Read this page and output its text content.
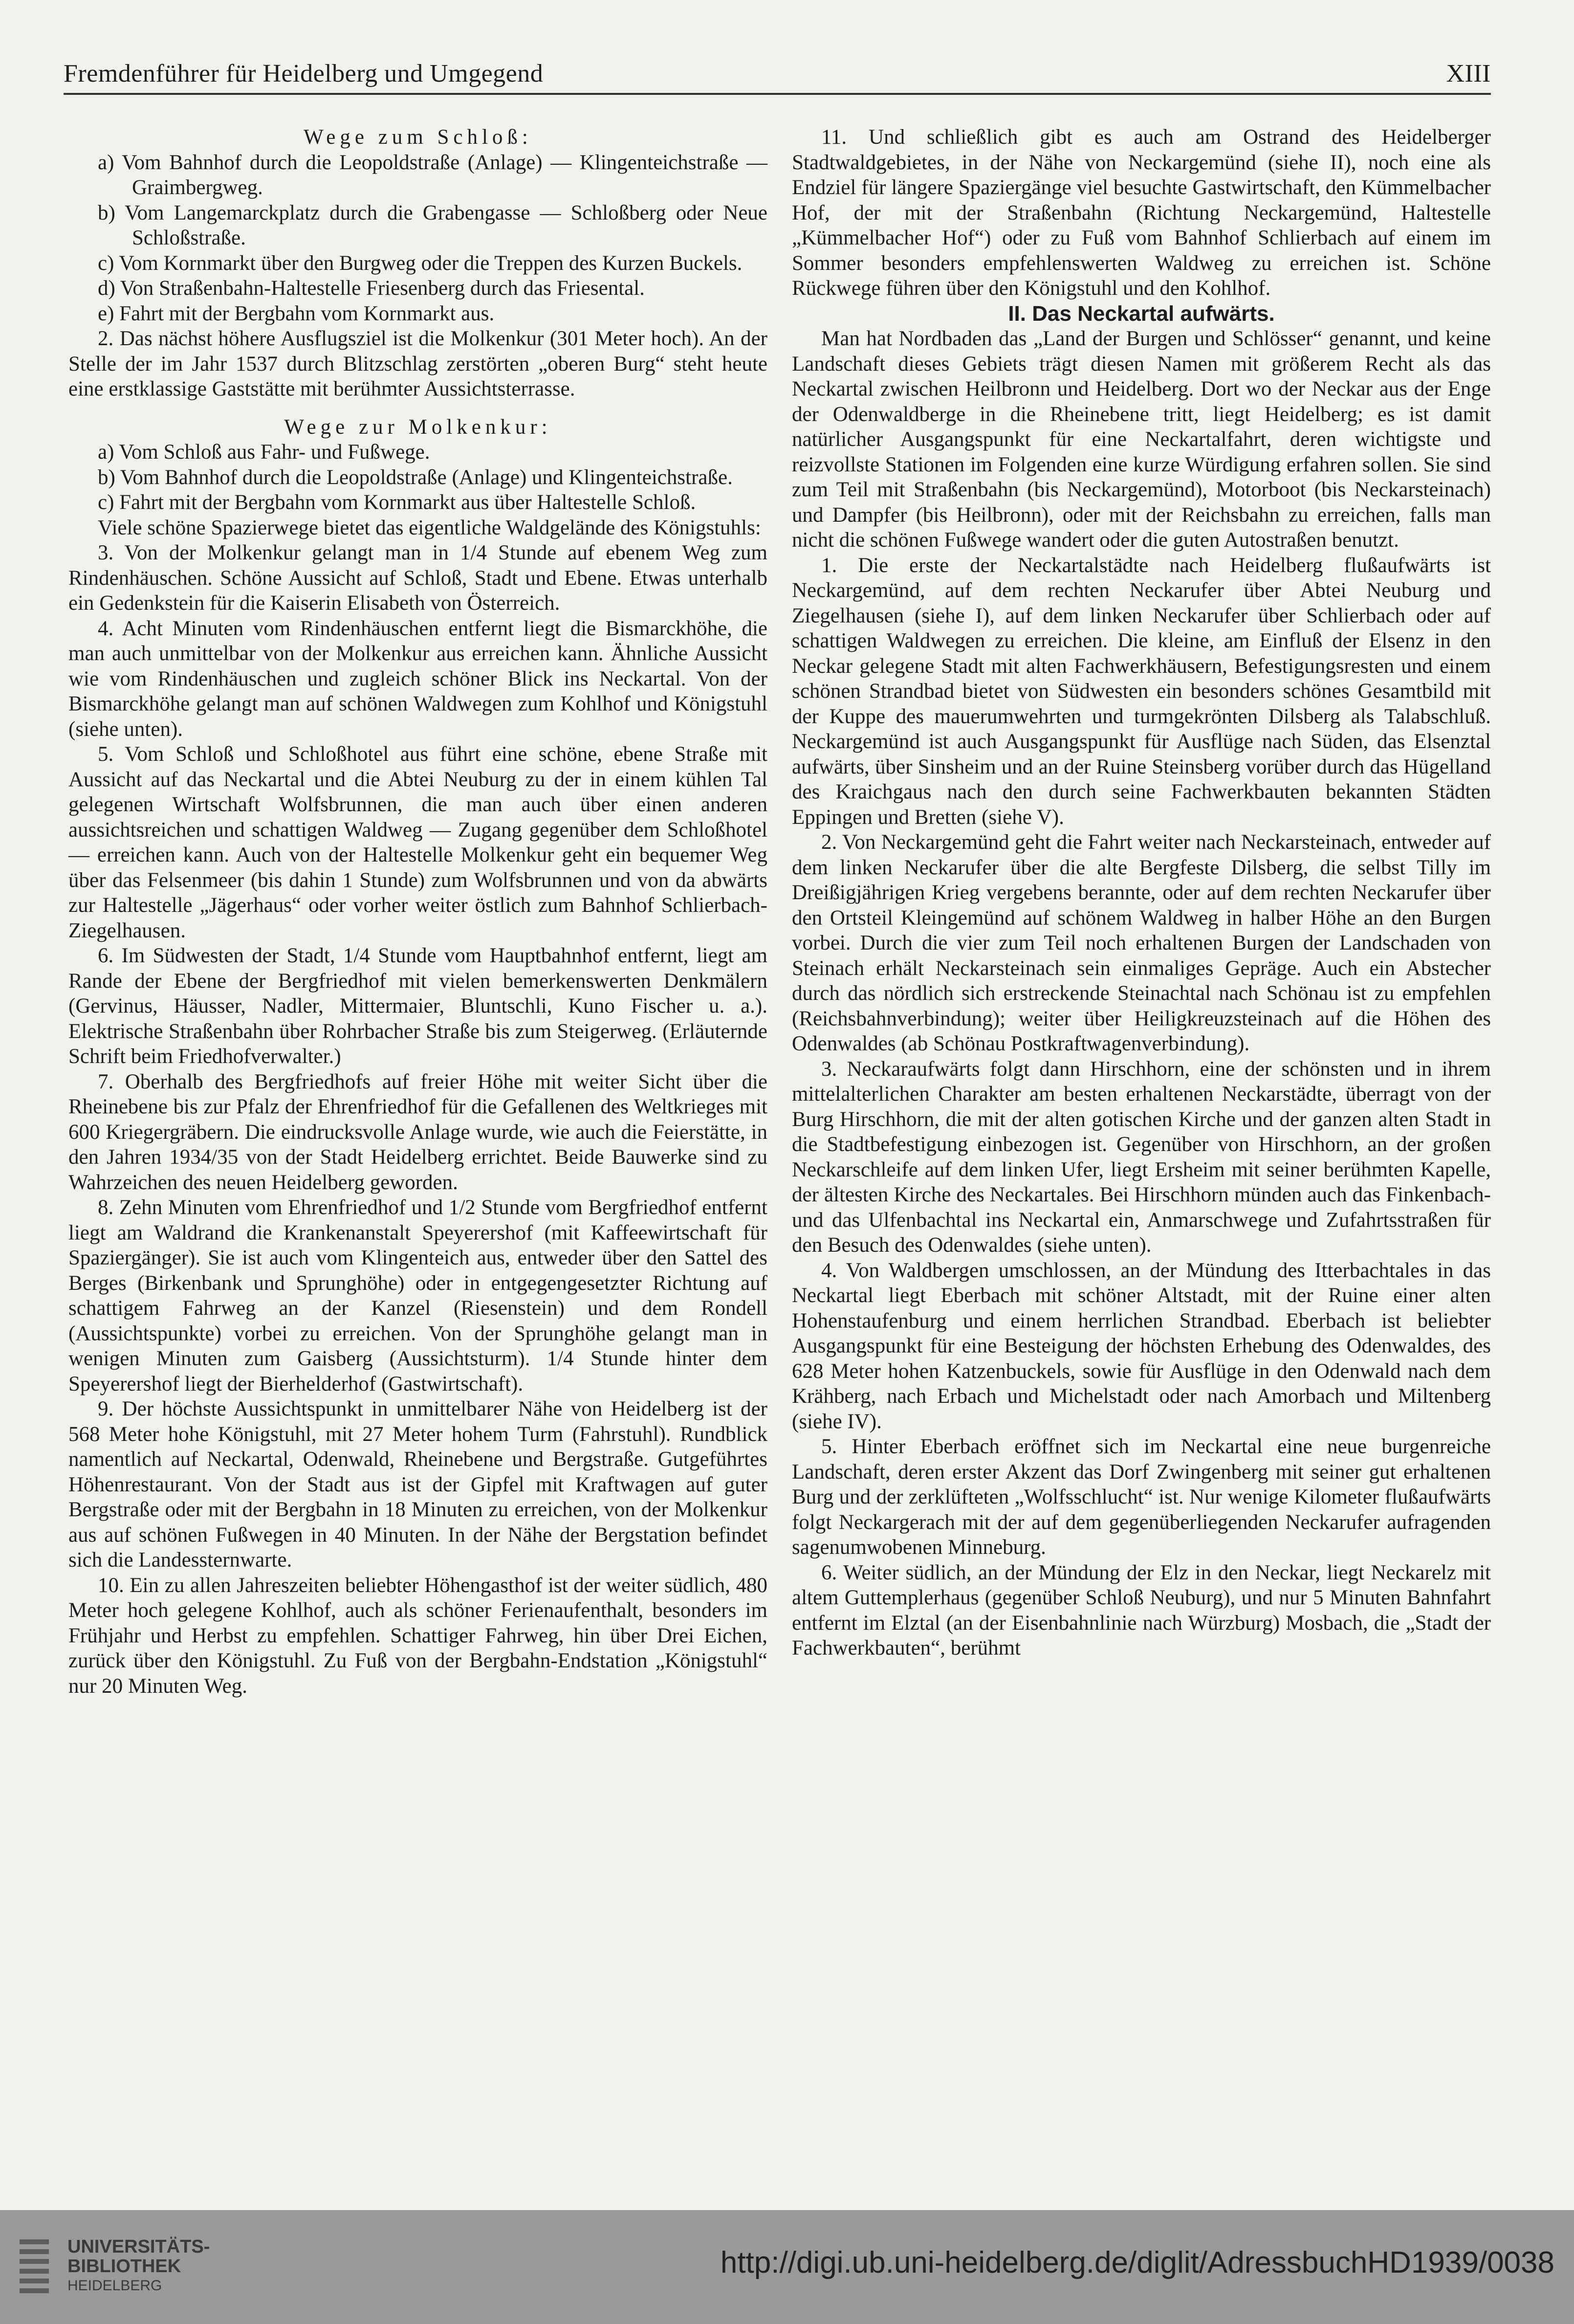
Fremdenführer für Heidelberg und Umgegend	XIII

Wege zum Schloß:

a) Vom Bahnhof durch die Leopoldstraße (Anlage) — Klingenteichstraße — Graimbergweg.

b) Vom Langemarckplatz durch die Grabengasse — Schloßberg oder Neue Schloßstraße.

c) Vom Kornmarkt über den Burgweg oder die Treppen des Kurzen Buckels.

d) Von Straßenbahn-Haltestelle Friesenberg durch das Friesental.

e) Fahrt mit der Bergbahn vom Kornmarkt aus.

2. Das nächst höhere Ausflugsziel ist die Molkenkur (301 Meter hoch). An der Stelle der im Jahr 1537 durch Blitzschlag zerstörten „oberen Burg“ steht heute eine erstklassige Gaststätte mit berühmter Aussichtsterrasse.

Wege zur Molkenkur:

a) Vom Schloß aus Fahr- und Fußwege.

b) Vom Bahnhof durch die Leopoldstraße (Anlage) und Klingenteichstraße.

c) Fahrt mit der Bergbahn vom Kornmarkt aus über Haltestelle Schloß.

Viele schöne Spazierwege bietet das eigentliche Waldgelände des Königstuhls:

3. Von der Molkenkur gelangt man in 1/4 Stunde auf ebenem Weg zum Rindenhäuschen. Schöne Aussicht auf Schloß, Stadt und Ebene. Etwas unterhalb ein Gedenkstein für die Kaiserin Elisabeth von Österreich.

4. Acht Minuten vom Rindenhäuschen entfernt liegt die Bismarckhöhe, die man auch unmittelbar von der Molkenkur aus erreichen kann. Ähnliche Aussicht wie vom Rindenhäuschen und zugleich schöner Blick ins Neckartal. Von der Bismarckhöhe gelangt man auf schönen Waldwegen zum Kohlhof und Königstuhl (siehe unten).

5. Vom Schloß und Schloßhotel aus führt eine schöne, ebene Straße mit Aussicht auf das Neckartal und die Abtei Neuburg zu der in einem kühlen Tal gelegenen Wirtschaft Wolfsbrunnen, die man auch über einen anderen aussichtsreichen und schattigen Waldweg — Zugang gegenüber dem Schloßhotel — erreichen kann. Auch von der Haltestelle Molkenkur geht ein bequemer Weg über das Felsenmeer (bis dahin 1 Stunde) zum Wolfsbrunnen und von da abwärts zur Haltestelle „Jägerhaus“ oder vorher weiter östlich zum Bahnhof Schlierbach-Ziegelhausen.

6. Im Südwesten der Stadt, 1/4 Stunde vom Hauptbahnhof entfernt, liegt am Rande der Ebene der Bergfriedhof mit vielen bemerkenswerten Denkmälern (Gervinus, Häusser, Nadler, Mittermaier, Bluntschli, Kuno Fischer u. a.). Elektrische Straßenbahn über Rohrbacher Straße bis zum Steigerweg. (Erläuternde Schrift beim Friedhofverwalter.)

7. Oberhalb des Bergfriedhofs auf freier Höhe mit weiter Sicht über die Rheinebene bis zur Pfalz der Ehrenfriedhof für die Gefallenen des Weltkrieges mit 600 Kriegergräbern. Die eindrucksvolle Anlage wurde, wie auch die Feierstätte, in den Jahren 1934/35 von der Stadt Heidelberg errichtet. Beide Bauwerke sind zu Wahrzeichen des neuen Heidelberg geworden.

8. Zehn Minuten vom Ehrenfriedhof und 1/2 Stunde vom Bergfriedhof entfernt liegt am Waldrand die Krankenanstalt Speyerershof (mit Kaffeewirtschaft für Spaziergänger). Sie ist auch vom Klingenteich aus, entweder über den Sattel des Berges (Birkenbank und Sprunghöhe) oder in entgegengesetzter Richtung auf schattigem Fahrweg an der Kanzel (Riesenstein) und dem Rondell (Aussichtspunkte) vorbei zu erreichen. Von der Sprunghöhe gelangt man in wenigen Minuten zum Gaisberg (Aussichtsturm). 1/4 Stunde hinter dem Speyerershof liegt der Bierhelderhof (Gastwirtschaft).

9. Der höchste Aussichtspunkt in unmittelbarer Nähe von Heidelberg ist der 568 Meter hohe Königstuhl, mit 27 Meter hohem Turm (Fahrstuhl). Rundblick namentlich auf Neckartal, Odenwald, Rheinebene und Bergstraße. Gutgeführtes Höhenrestaurant. Von der Stadt aus ist der Gipfel mit Kraftwagen auf guter Bergstraße oder mit der Bergbahn in 18 Minuten zu erreichen, von der Molkenkur aus auf schönen Fußwegen in 40 Minuten. In der Nähe der Bergstation befindet sich die Landessternwarte.

10. Ein zu allen Jahreszeiten beliebter Höhengasthof ist der weiter südlich, 480 Meter hoch gelegene Kohlhof, auch als schöner Ferienaufenthalt, besonders im Frühjahr und Herbst zu empfehlen. Schattiger Fahrweg, hin über Drei Eichen, zurück über den Königstuhl. Zu Fuß von der Bergbahn-Endstation „Königstuhl“ nur 20 Minuten Weg.

11. Und schließlich gibt es auch am Ostrand des Heidelberger Stadtwaldgebietes, in der Nähe von Neckargemünd (siehe II), noch eine als Endziel für längere Spaziergänge viel besuchte Gastwirtschaft, den Kümmelbacher Hof, der mit der Straßenbahn (Richtung Neckargemünd, Haltestelle „Kümmelbacher Hof“) oder zu Fuß vom Bahnhof Schlierbach auf einem im Sommer besonders empfehlenswerten Waldweg zu erreichen ist. Schöne Rückwege führen über den Königstuhl und den Kohlhof.

II. Das Neckartal aufwärts.

Man hat Nordbaden das „Land der Burgen und Schlösser“ genannt, und keine Landschaft dieses Gebiets trägt diesen Namen mit größerem Recht als das Neckartal zwischen Heilbronn und Heidelberg. Dort wo der Neckar aus der Enge der Odenwaldberge in die Rheinebene tritt, liegt Heidelberg; es ist damit natürlicher Ausgangspunkt für eine Neckartalfahrt, deren wichtigste und reizvollste Stationen im Folgenden eine kurze Würdigung erfahren sollen. Sie sind zum Teil mit Straßenbahn (bis Neckargemünd), Motorboot (bis Neckarsteinach) und Dampfer (bis Heilbronn), oder mit der Reichsbahn zu erreichen, falls man nicht die schönen Fußwege wandert oder die guten Autostraßen benutzt.

1. Die erste der Neckartalstädte nach Heidelberg flußaufwärts ist Neckargemünd, auf dem rechten Neckarufer über Abtei Neuburg und Ziegelhausen (siehe I), auf dem linken Neckarufer über Schlierbach oder auf schattigen Waldwegen zu erreichen. Die kleine, am Einfluß der Elsenz in den Neckar gelegene Stadt mit alten Fachwerkhäusern, Befestigungsresten und einem schönen Strandbad bietet von Südwesten ein besonders schönes Gesamtbild mit der Kuppe des mauerumwehrten und turmgekrönten Dilsberg als Talabschluß. Neckargemünd ist auch Ausgangspunkt für Ausflüge nach Süden, das Elsenztal aufwärts, über Sinsheim und an der Ruine Steinsberg vorüber durch das Hügelland des Kraichgaus nach den durch seine Fachwerkbauten bekannten Städten Eppingen und Bretten (siehe V).

2. Von Neckargemünd geht die Fahrt weiter nach Neckarsteinach, entweder auf dem linken Neckarufer über die alte Bergfeste Dilsberg, die selbst Tilly im Dreißigjährigen Krieg vergebens berannte, oder auf dem rechten Neckarufer über den Ortsteil Kleingemünd auf schönem Waldweg in halber Höhe an den Burgen vorbei. Durch die vier zum Teil noch erhaltenen Burgen der Landschaden von Steinach erhält Neckarsteinach sein einmaliges Gepräge. Auch ein Abstecher durch das nördlich sich erstreckende Steinachtal nach Schönau ist zu empfehlen (Reichsbahnverbindung); weiter über Heiligkreuzsteinach auf die Höhen des Odenwaldes (ab Schönau Postkraftwagenverbindung).

3. Neckaraufwärts folgt dann Hirschhorn, eine der schönsten und in ihrem mittelalterlichen Charakter am besten erhaltenen Neckarstädte, überragt von der Burg Hirschhorn, die mit der alten gotischen Kirche und der ganzen alten Stadt in die Stadtbefestigung einbezogen ist. Gegenüber von Hirschhorn, an der großen Neckarschleife auf dem linken Ufer, liegt Ersheim mit seiner berühmten Kapelle, der ältesten Kirche des Neckartales. Bei Hirschhorn münden auch das Finkenbach- und das Ulfenbachtal ins Neckartal ein, Anmarschwege und Zufahrtsstraßen für den Besuch des Odenwaldes (siehe unten).

4. Von Waldbergen umschlossen, an der Mündung des Itterbachtales in das Neckartal liegt Eberbach mit schöner Altstadt, mit der Ruine einer alten Hohenstaufenburg und einem herrlichen Strandbad. Eberbach ist beliebter Ausgangspunkt für eine Besteigung der höchsten Erhebung des Odenwaldes, des 628 Meter hohen Katzenbuckels, sowie für Ausflüge in den Odenwald nach dem Krähberg, nach Erbach und Michelstadt oder nach Amorbach und Miltenberg (siehe IV).

5. Hinter Eberbach eröffnet sich im Neckartal eine neue burgenreiche Landschaft, deren erster Akzent das Dorf Zwingenberg mit seiner gut erhaltenen Burg und der zerklüfteten „Wolfsschlucht“ ist. Nur wenige Kilometer flußaufwärts folgt Neckargerach mit der auf dem gegenüberliegenden Neckarufer aufragenden sagenumwobenen Minneburg.

6. Weiter südlich, an der Mündung der Elz in den Neckar, liegt Neckarelz mit altem Guttemplerhaus (gegenüber Schloß Neuburg), und nur 5 Minuten Bahnfahrt entfernt im Elztal (an der Eisenbahnlinie nach Würzburg) Mosbach, die „Stadt der Fachwerkbauten“, berühmt

UNIVERSITÄTS-
BIBLIOTHEK
HEIDELBERG
http://digi.ub.uni-heidelberg.de/diglit/AdressbuchHD1939/0038
